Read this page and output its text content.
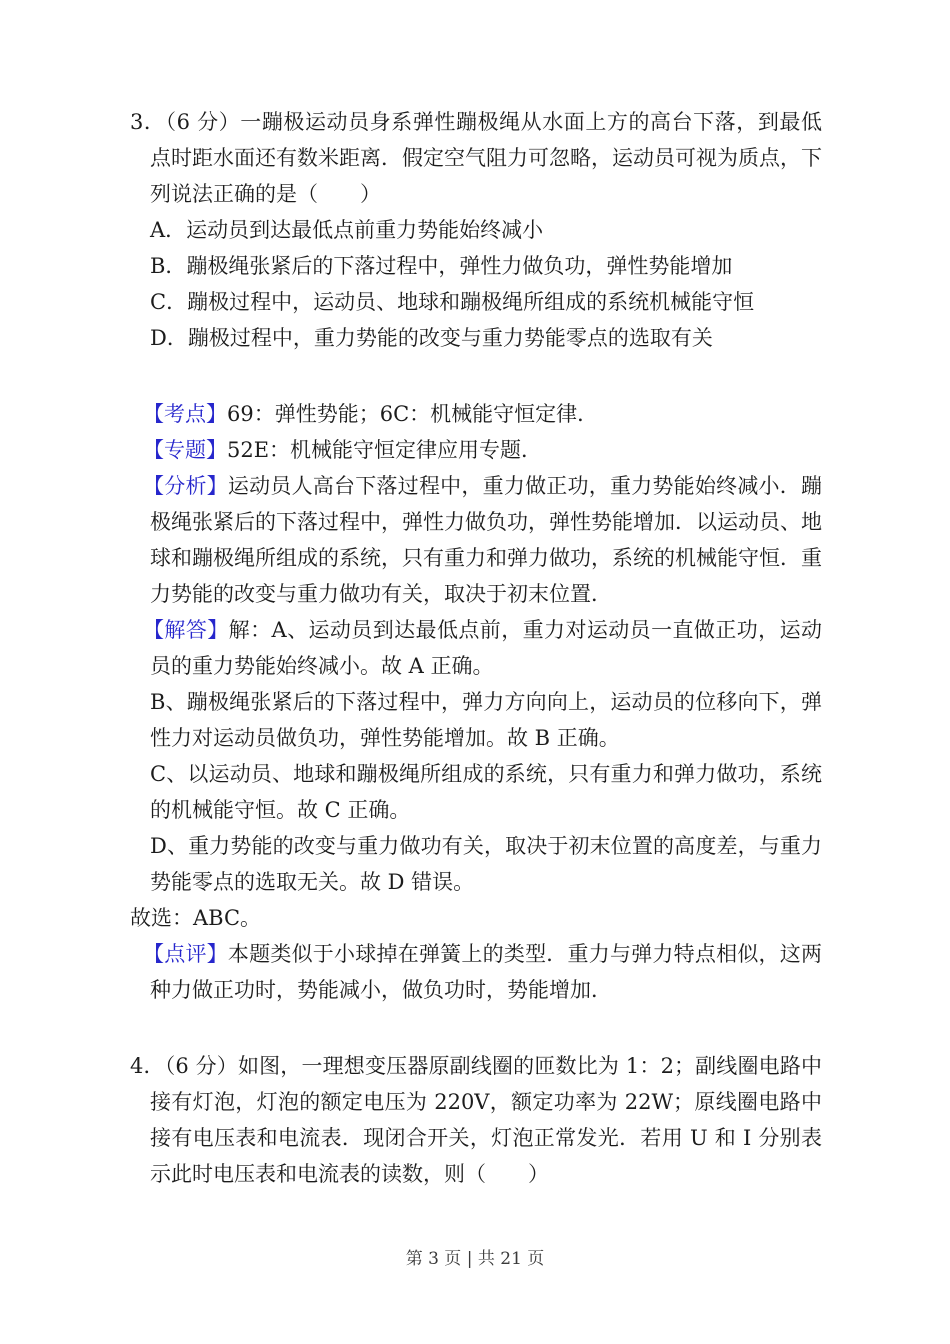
3．（6 分）一蹦极运动员身系弹性蹦极绳从水面上方的高台下落，到最低点时距水面还有数米距离．假定空气阻力可忽略，运动员可视为质点，下列说法正确的是（　　）

A．运动员到达最低点前重力势能始终减小

B．蹦极绳张紧后的下落过程中，弹性力做负功，弹性势能增加

C．蹦极过程中，运动员、地球和蹦极绳所组成的系统机械能守恒

D．蹦极过程中，重力势能的改变与重力势能零点的选取有关

【考点】69：弹性势能；6C：机械能守恒定律．

【专题】52E：机械能守恒定律应用专题．

【分析】运动员人高台下落过程中，重力做正功，重力势能始终减小．蹦极绳张紧后的下落过程中，弹性力做负功，弹性势能增加．以运动员、地球和蹦极绳所组成的系统，只有重力和弹力做功，系统的机械能守恒．重力势能的改变与重力做功有关，取决于初末位置．

【解答】解：A、运动员到达最低点前，重力对运动员一直做正功，运动员的重力势能始终减小。故 A 正确。

B、蹦极绳张紧后的下落过程中，弹力方向向上，运动员的位移向下，弹性力对运动员做负功，弹性势能增加。故 B 正确。

C、以运动员、地球和蹦极绳所组成的系统，只有重力和弹力做功，系统的机械能守恒。故 C 正确。

D、重力势能的改变与重力做功有关，取决于初末位置的高度差，与重力势能零点的选取无关。故 D 错误。

故选：ABC。

【点评】本题类似于小球掉在弹簧上的类型．重力与弹力特点相似，这两种力做正功时，势能减小，做负功时，势能增加．

4．（6 分）如图，一理想变压器原副线圈的匝数比为 1：2；副线圈电路中接有灯泡，灯泡的额定电压为 220V，额定功率为 22W；原线圈电路中接有电压表和电流表．现闭合开关，灯泡正常发光．若用 U 和 I 分别表示此时电压表和电流表的读数，则（　　）

第 3 页 | 共 21 页
